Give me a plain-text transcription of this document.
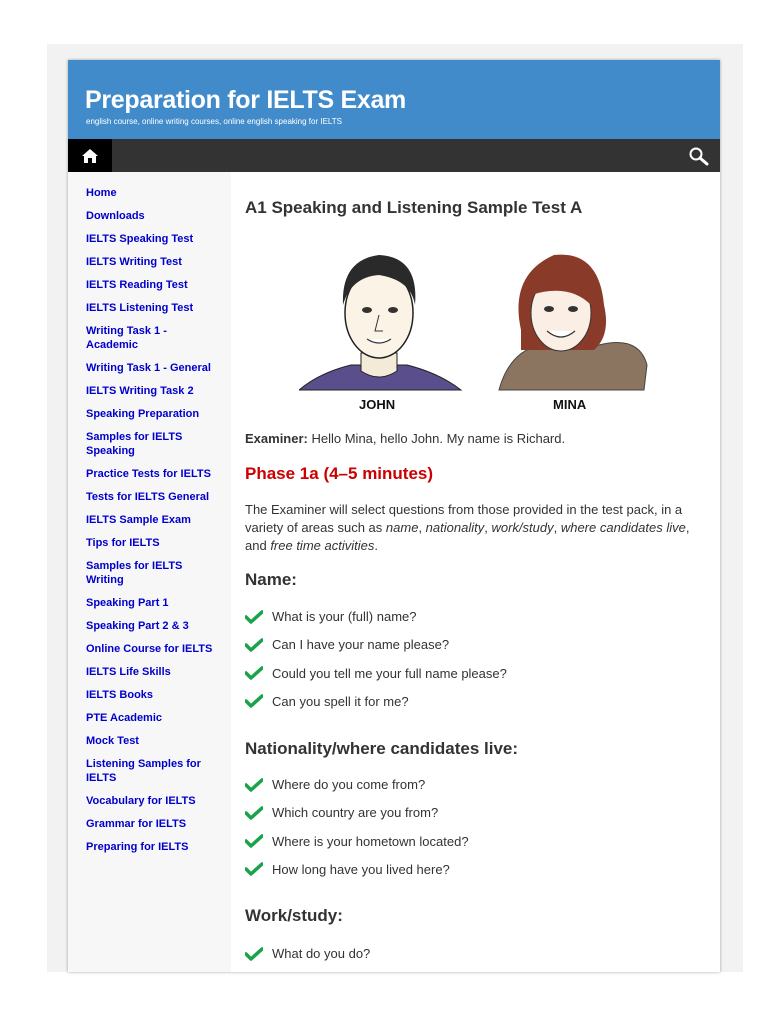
Preparation for IELTS Exam
english course, online writing courses, online english speaking for IELTS
Home
Downloads
IELTS Speaking Test
IELTS Writing Test
IELTS Reading Test
IELTS Listening Test
Writing Task 1 - Academic
Writing Task 1 - General
IELTS Writing Task 2
Speaking Preparation
Samples for IELTS Speaking
Practice Tests for IELTS
Tests for IELTS General
IELTS Sample Exam
Tips for IELTS
Samples for IELTS Writing
Speaking Part 1
Speaking Part 2 & 3
Online Course for IELTS
IELTS Life Skills
IELTS Books
PTE Academic
Mock Test
Listening Samples for IELTS
Vocabulary for IELTS
Grammar for IELTS
Preparing for IELTS
A1 Speaking and Listening Sample Test A
JOHN	MINA
Examiner: Hello Mina, hello John. My name is Richard.
Phase 1a (4–5 minutes)

The Examiner will select questions from those provided in the test pack, in a variety of areas such as name, nationality, work/study, where candidates live, and free time activities.

Name:
What is your (full) name?
Can I have your name please?
Could you tell me your full name please?
Can you spell it for me?
Nationality/where candidates live:
Where do you come from?
Which country are you from?
Where is your hometown located?
How long have you lived here?
Work/study:
What do you do?
